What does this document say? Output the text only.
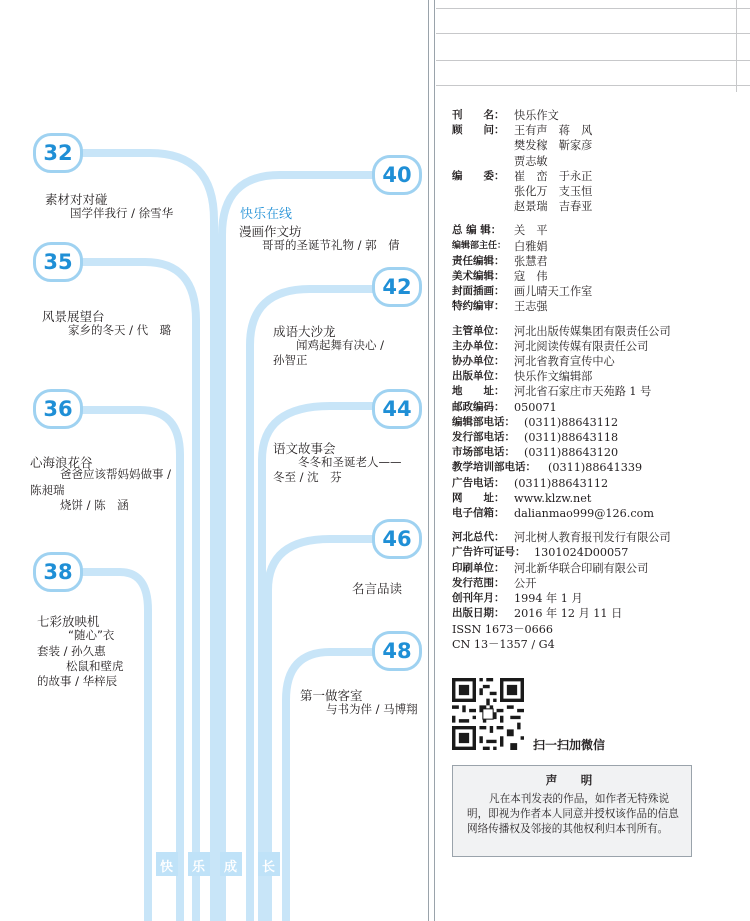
32
40
35
42
36	44
46
38
48
素材对对碰
国学伴我行 / 徐雪华
风景展望台
家乡的冬天 / 代　璐
心海浪花谷
爸爸应该帮妈妈做事 /
陈昶瑞
烧饼 / 陈　涵
七彩放映机
“随心”衣
套装 / 孙久惠
松鼠和壁虎
的故事 / 华梓辰
快乐在线
漫画作文坊
哥哥的圣诞节礼物 / 郭　倩
成语大沙龙
闻鸡起舞有决心 /
孙智正
语文故事会
冬冬和圣诞老人——
冬至 / 沈　芬
名言品读
第一做客室
与书为伴 / 马博翔
快 乐 成 长
刊　　名： 快乐作文
顾　　问： 王有声　蒋　风
樊发稼　靳家彦
贾志敏
编　　委： 崔　峦　于永正
张化万　支玉恒
赵景瑞　吉春亚
总 编 辑：	关　平
编辑部主任： 白雅娟
责任编辑： 张慧君
美术编辑： 寇　伟
封面插画： 画儿晴天工作室
特约编审： 王志强
主管单位： 河北出版传媒集团有限责任公司
主办单位： 河北阅读传媒有限责任公司
协办单位： 河北省教育宣传中心
出版单位： 快乐作文编辑部
地　　址： 河北省石家庄市天苑路 1 号
邮政编码： 050071
编辑部电话： (0311)88643112
发行部电话： (0311)88643118
市场部电话： (0311)88643120
教学培训部电话：	(0311)88641339
广告电话： (0311)88643112
网　　址： www.klzw.net
电子信箱： dalianmao999@126.com
河北总代： 河北树人教育报刊发行有限公司
广告许可证号： 1301024D00057
印刷单位： 河北新华联合印刷有限公司
发行范围： 公开
创刊年月： 1994 年 1 月
出版日期： 2016 年 12 月 11 日
ISSN 1673－0666
CN 13－1357 / G4
扫一扫加微信
声　明
凡在本刊发表的作品，如作者无特殊说明，即视为作者本人同意并授权该作品的信息网络传播权及邻接的其他权利归本刊所有。
